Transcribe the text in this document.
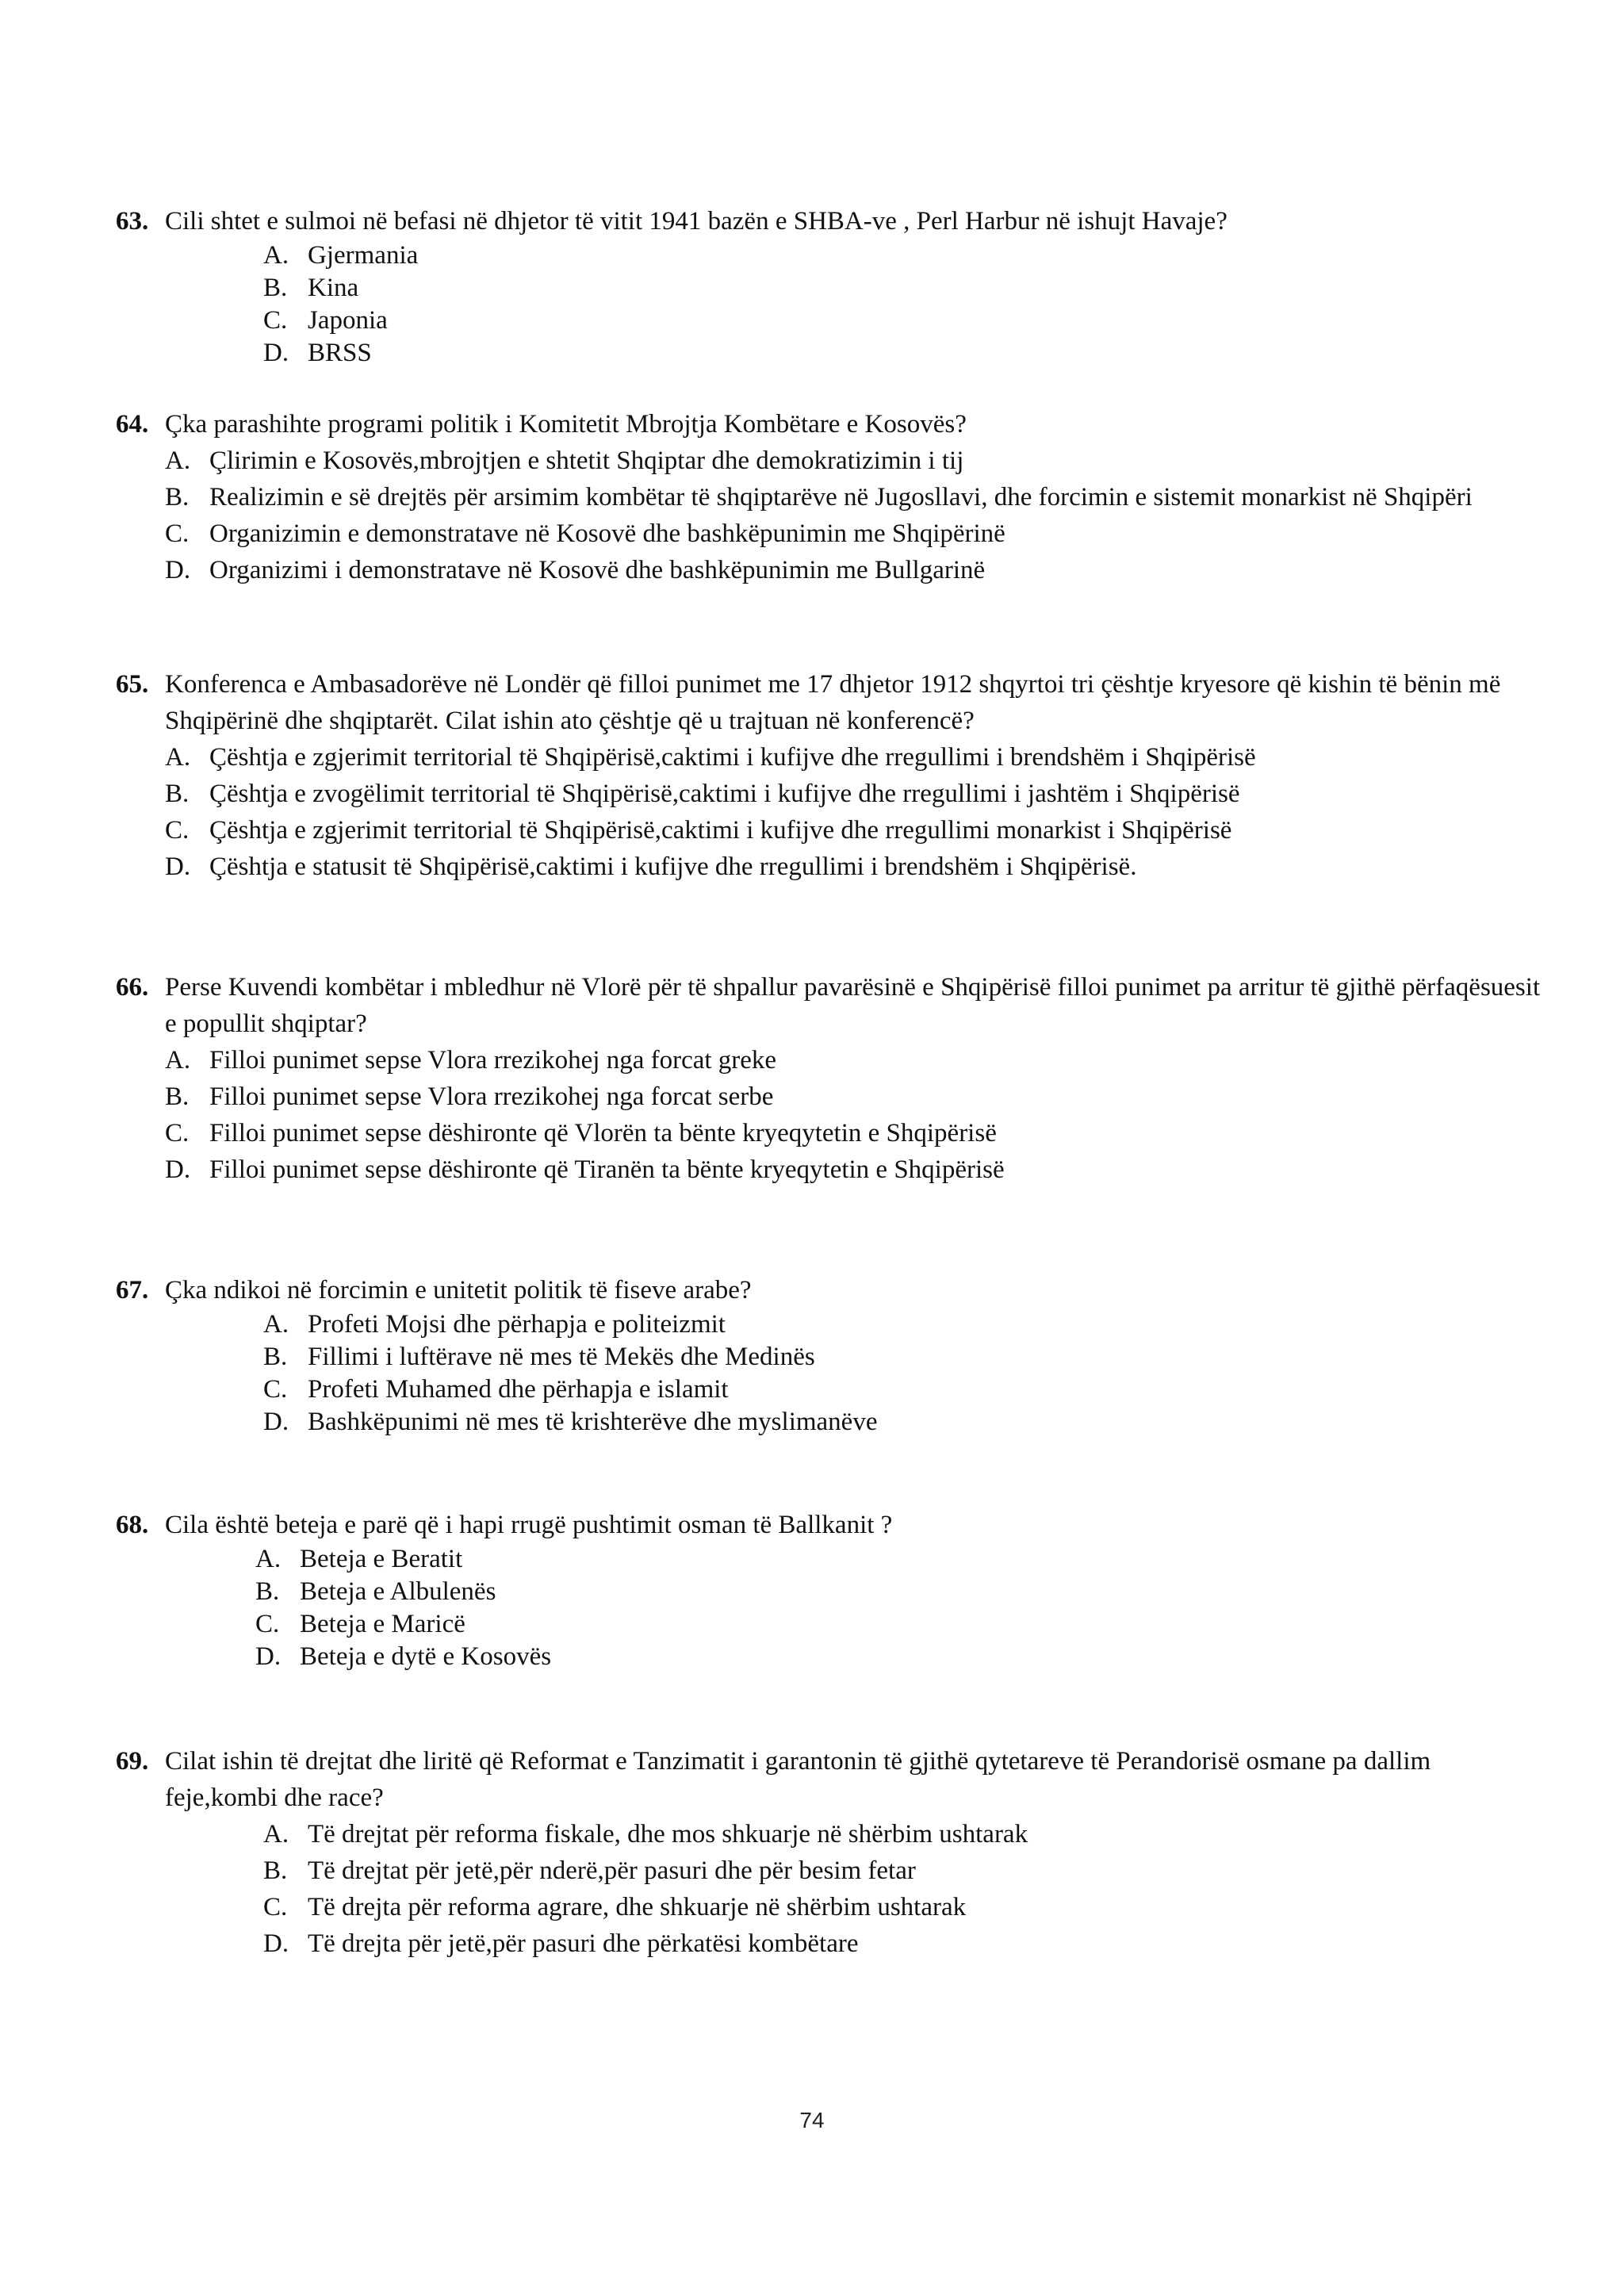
63. Cili shtet e sulmoi në befasi në dhjetor të vitit 1941 bazën e SHBA-ve , Perl Harbur në ishujt Havaje?
A. Gjermania
B. Kina
C. Japonia
D. BRSS
64. Çka parashihte programi politik i Komitetit Mbrojtja Kombëtare e Kosovës?
A. Çlirimin e Kosovës,mbrojtjen e shtetit Shqiptar dhe demokratizimin i tij
B. Realizimin e së drejtës për arsimim kombëtar të shqiptarëve në Jugosllavi, dhe forcimin e sistemit monarkist në Shqipëri
C. Organizimin e demonstratave në Kosovë dhe bashkëpunimin me Shqipërinë
D. Organizimi i demonstratave në Kosovë dhe bashkëpunimin me Bullgarinë
65. Konferenca e Ambasadorëve në Londër që filloi punimet me 17 dhjetor 1912 shqyrtoi tri çështje kryesore që kishin të bënin më Shqipërinë dhe shqiptarët. Cilat ishin ato çështje që u trajtuan në konferencë?
A. Çështja e zgjerimit territorial të Shqipërisë,caktimi i kufijve dhe rregullimi i brendshëm i Shqipërisë
B. Çështja e zvogëlimit territorial të Shqipërisë,caktimi i kufijve dhe rregullimi i jashtëm i Shqipërisë
C. Çështja e zgjerimit territorial të Shqipërisë,caktimi i kufijve dhe rregullimi monarkist i Shqipërisë
D. Çështja e statusit të Shqipërisë,caktimi i kufijve dhe rregullimi i brendshëm i Shqipërisë.
66. Perse Kuvendi kombëtar i mbledhur në Vlorë për të shpallur pavarësinë e Shqipërisë filloi punimet pa arritur të gjithë përfaqësuesit e popullit shqiptar?
A. Filloi punimet sepse Vlora rrezikohej nga forcat greke
B. Filloi punimet sepse Vlora rrezikohej nga forcat serbe
C. Filloi punimet sepse dëshironte që Vlorën ta bënte kryeqytetin e Shqipërisë
D. Filloi punimet sepse dëshironte që Tiranën ta bënte kryeqytetin e Shqipërisë
67. Çka ndikoi në forcimin e unitetit politik të fiseve arabe?
A. Profeti Mojsi dhe përhapja e politeizmit
B. Fillimi i luftërave në mes të Mekës dhe Medinës
C. Profeti Muhamed dhe përhapja e islamit
D. Bashkëpunimi në mes të krishterëve dhe myslimanëve
68. Cila është beteja e parë që i hapi rrugë pushtimit osman të Ballkanit ?
A. Beteja e Beratit
B. Beteja e Albulenës
C. Beteja e Maricë
D. Beteja e dytë e Kosovës
69. Cilat ishin të drejtat dhe liritë që Reformat e Tanzimatit i garantonin të gjithë qytetareve të Perandorisë osmane pa dallim feje,kombi dhe race?
A. Të drejtat për reforma fiskale, dhe mos shkuarje në shërbim ushtarak
B. Të drejtat për jetë,për nderë,për pasuri dhe për besim fetar
C. Të drejta për reforma agrare, dhe shkuarje në shërbim ushtarak
D. Të drejta për jetë,për pasuri dhe përkatësi kombëtare
74
